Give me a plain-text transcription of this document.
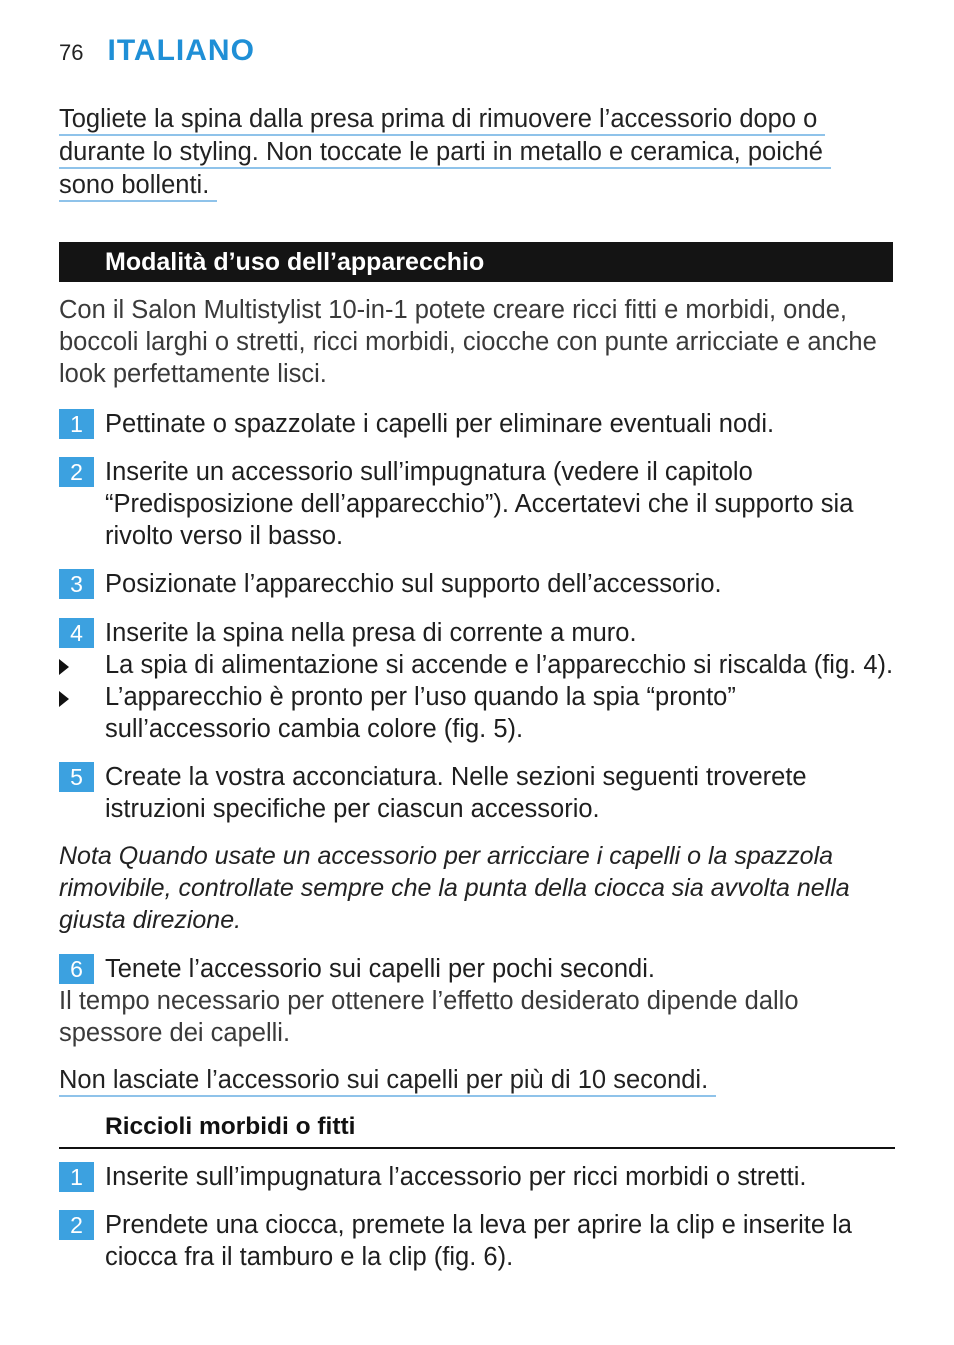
76 ITALIANO
Togliete la spina dalla presa prima di rimuovere l’accessorio dopo o
durante lo styling. Non toccate le parti in metallo e ceramica, poiché
sono bollenti.
Modalità d’uso dell’apparecchio
Con il Salon Multistylist 10-in-1 potete creare ricci fitti e morbidi, onde,
boccoli larghi o stretti, ricci morbidi, ciocche con punte arricciate e anche
look perfettamente lisci.
1 Pettinate o spazzolate i capelli per eliminare eventuali nodi.
2 Inserite un accessorio sull’impugnatura (vedere il capitolo
“Predisposizione dell’apparecchio”). Accertatevi che il supporto sia
rivolto verso il basso.
3 Posizionate l’apparecchio sul supporto dell’accessorio.
4 Inserite la spina nella presa di corrente a muro.
La spia di alimentazione si accende e l’apparecchio si riscalda (fig. 4).
L’apparecchio è pronto per l’uso quando la spia “pronto”
sull’accessorio cambia colore (fig. 5).
5 Create la vostra acconciatura. Nelle sezioni seguenti troverete
istruzioni specifiche per ciascun accessorio.
Nota Quando usate un accessorio per arricciare i capelli o la spazzola
rimovibile, controllate sempre che la punta della ciocca sia avvolta nella
giusta direzione.
6 Tenete l’accessorio sui capelli per pochi secondi.
Il tempo necessario per ottenere l’effetto desiderato dipende dallo
spessore dei capelli.
Non lasciate l’accessorio sui capelli per più di 10 secondi.
Riccioli morbidi o fitti
1 Inserite sull’impugnatura l’accessorio per ricci morbidi o stretti.
2 Prendete una ciocca, premete la leva per aprire la clip e inserite la
ciocca fra il tamburo e la clip (fig. 6).
